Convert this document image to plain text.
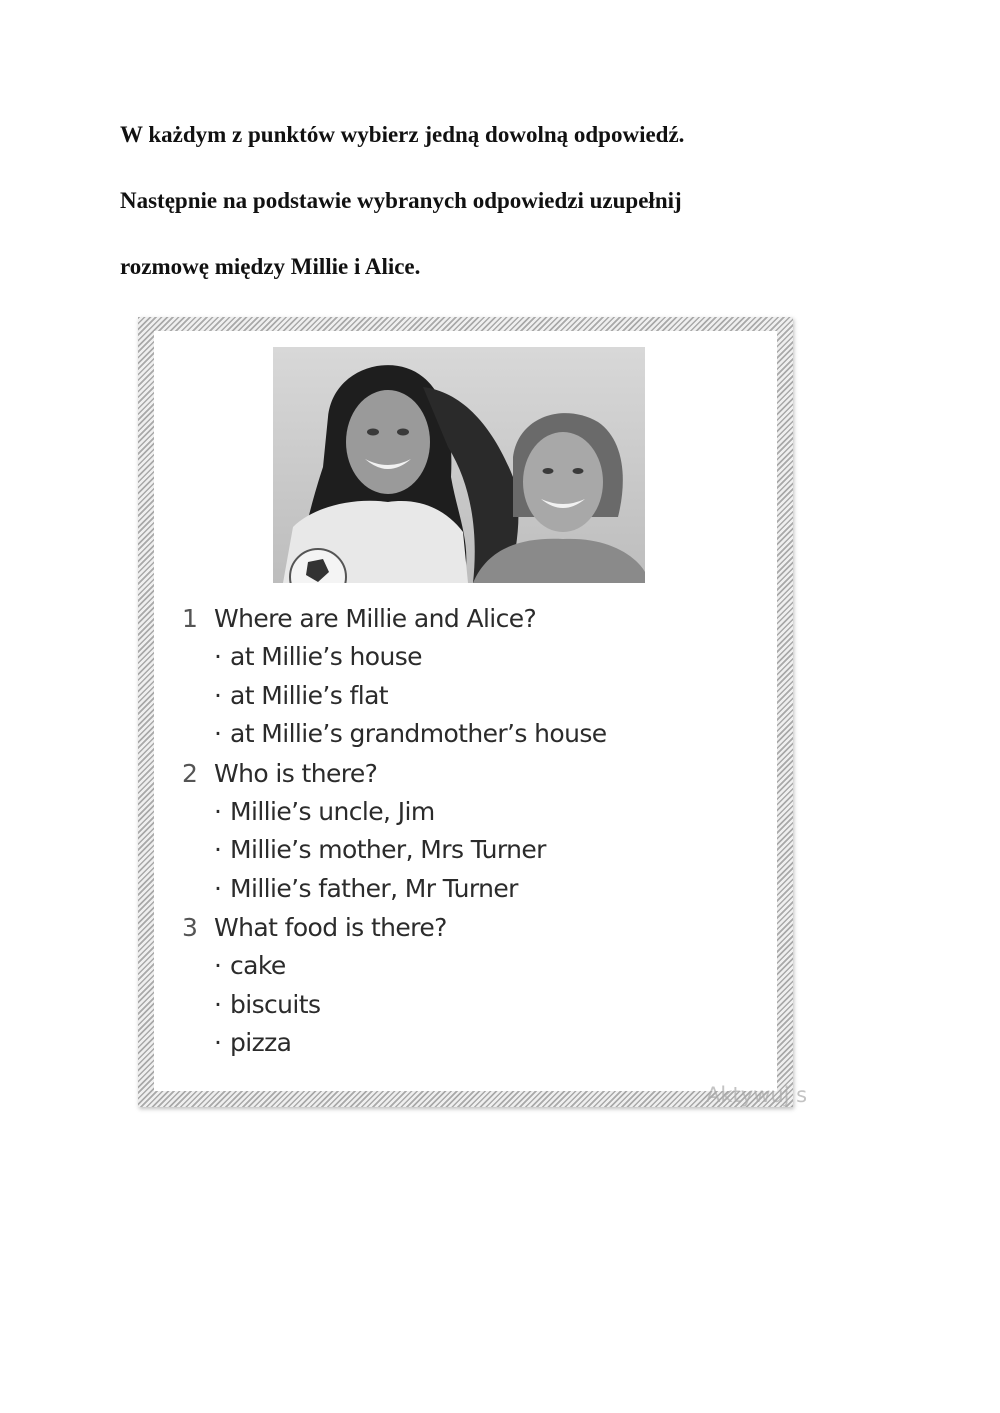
W każdym z punktów wybierz jedną dowolną odpowiedź.

Następnie na podstawie wybranych odpowiedzi uzupełnij

rozmowę między Millie i Alice.

1 Where are Millie and Alice?
· at Millie’s house
· at Millie’s flat
· at Millie’s grandmother’s house
2 Who is there?
· Millie’s uncle, Jim
· Millie’s mother, Mrs Turner
· Millie’s father, Mr Turner
3 What food is there?
· cake
· biscuits
· pizza
Aktywuj s
